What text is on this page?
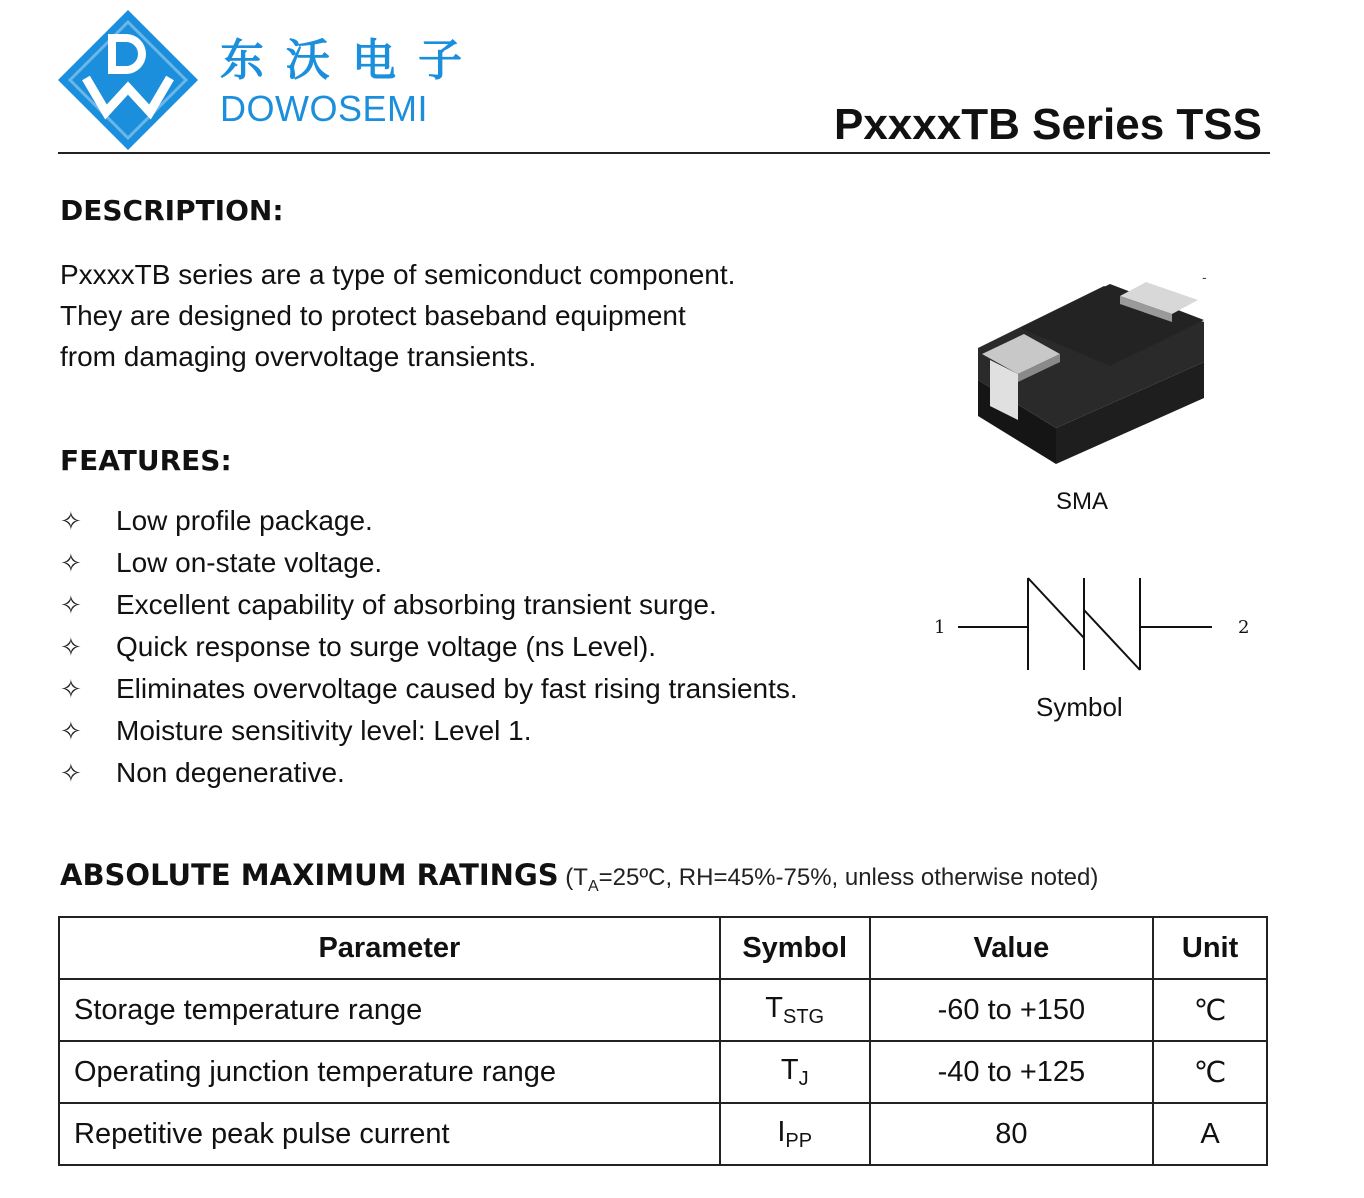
东沃电子
DOWOSEMI	PxxxxTB Series TSS
DESCRIPTION:
PxxxxTB series are a type of semiconduct component.
They are designed to protect baseband equipment
from damaging overvoltage transients.
FEATURES:
✧	Low profile package.
✧	Low on-state voltage.
✧	Excellent capability of absorbing transient surge.
✧	Quick response to surge voltage (ns Level).
✧	Eliminates overvoltage caused by fast rising transients.
✧	Moisture sensitivity level: Level 1.
✧	Non degenerative.
-
SMA
1	2
Symbol
ABSOLUTE MAXIMUM RATINGS ($T_A=25ºC$, RH=45%-75%, unless otherwise noted)
Parameter	Symbol	Value	Unit
Storage temperature range	$T_{STG}$	-60 to +150	℃
Operating junction temperature range	$T_J$	-40 to +125	℃
Repetitive peak pulse current	$I_{PP}$	80	A
